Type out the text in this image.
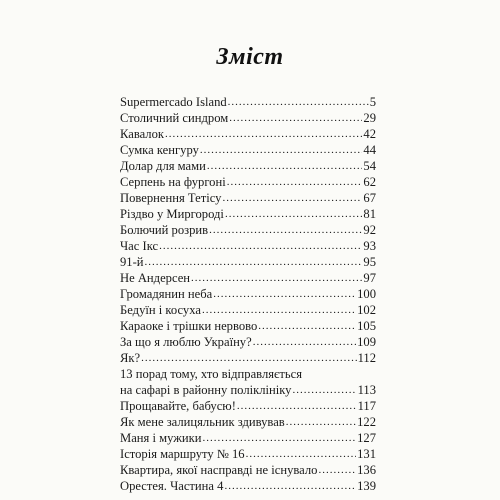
Зміст
Supermercado Island .....	5
Столичний синдром .....	29
Кавалок .....	42
Сумка кенгуру .....	44
Долар для мами .....	54
Серпень на фургоні .....	62
Повернення Тетісу .....	67
Різдво у Миргороді .....	81
Болючий розрив .....	92
Час Ікс .....	93
91-й .....	95
Не Андерсен .....	97
Громадянин неба .....	100
Бедуїн і косуха .....	102
Караоке і трішки нервово .....	105
За що я люблю Україну? .....	109
Як? .....	112
13 порад тому, хто відправляється
на сафарі в районну поліклініку .....	113
Прощавайте, бабусю! .....	117
Як мене залицяльник здивував .....	122
Маня і мужики .....	127
Історія маршруту № 16 .....	131
Квартира, якої насправді не існувало .....	136
Орестея. Частина 4 .....	139
